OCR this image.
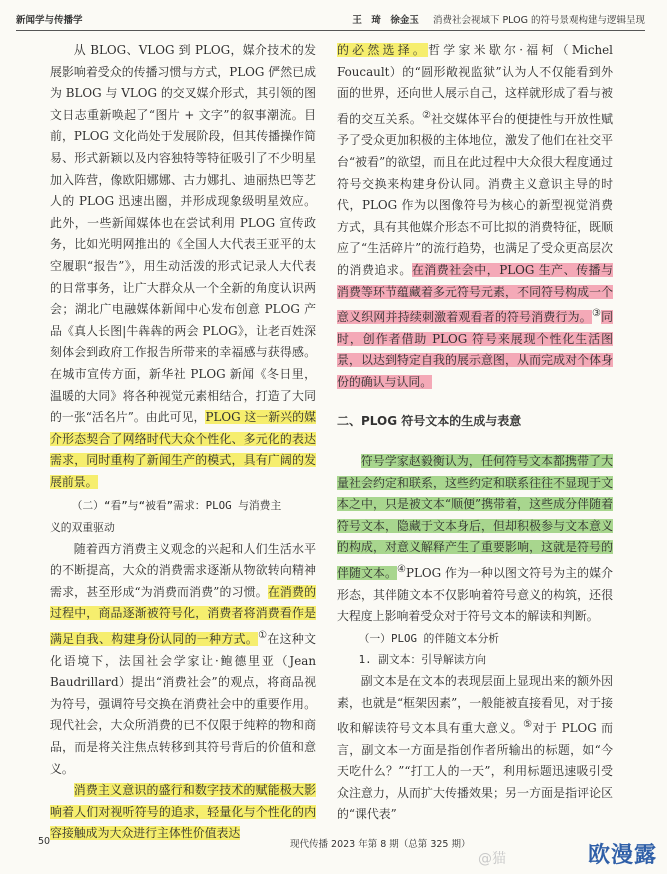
新闻学与传播学	王　琦　徐金玉 消费社会视域下 PLOG 的符号景观构建与逻辑呈现

从 BLOG、VLOG 到 PLOG，媒介技术的发展影响着受众的传播习惯与方式，PLOG 俨然已成为 BLOG 与 VLOG 的交叉媒介形式，其引领的图文日志重新唤起了“图片 + 文字”的叙事潮流。目前，PLOG 文化尚处于发展阶段，但其传播操作简易、形式新颖以及内容独特等特征吸引了不少明星加入阵营，像欧阳娜娜、古力娜扎、迪丽热巴等艺人的 PLOG 迅速出圈，并形成现象级明星效应。此外，一些新闻媒体也在尝试利用 PLOG 宣传政务，比如光明网推出的《全国人大代表王亚平的太空履职“报告”》，用生动活泼的形式记录人大代表的日常事务，让广大群众从一个全新的角度认识两会；湖北广电融媒体新闻中心发布创意 PLOG 产品《真人长图|牛犇犇的两会 PLOG》，让老百姓深刻体会到政府工作报告所带来的幸福感与获得感。在城市宣传方面，新华社 PLOG 新闻《冬日里，温暖的大同》将各种视觉元素相结合，打造了大同的一张“活名片”。由此可见，PLOG 这一新兴的媒介形态契合了网络时代大众个性化、多元化的表达需求，同时重构了新闻生产的模式，具有广阔的发展前景。

（二）“看”与“被看”需求：PLOG 与消费主

义的双重驱动

随着西方消费主义观念的兴起和人们生活水平的不断提高，大众的消费需求逐渐从物欲转向精神需求，甚至形成“为消费而消费”的习惯。在消费的过程中，商品逐渐被符号化，消费者将消费看作是满足自我、构建身份认同的一种方式。①在这种文化语境下，法国社会学家让·鲍德里亚（Jean Baudrillard）提出“消费社会”的观点，将商品视为符号，强调符号交换在消费社会中的重要作用。现代社会，大众所消费的已不仅限于纯粹的物和商品，而是将关注焦点转移到其符号背后的价值和意义。

消费主义意识的盛行和数字技术的赋能极大影响着人们对视听符号的追求，轻量化与个性化的内容接触成为大众进行主体性价值表达

的必然选择。哲学家米歇尔·福柯（Michel Foucault）的“圆形敞视监狱”认为人不仅能看到外面的世界，还向世人展示自己，这样就形成了看与被看的交互关系。②社交媒体平台的便捷性与开放性赋予了受众更加积极的主体地位，激发了他们在社交平台“被看”的欲望，而且在此过程中大众很大程度通过符号交换来构建身份认同。消费主义意识主导的时代，PLOG 作为以图像符号为核心的新型视觉消费方式，具有其他媒介形态不可比拟的消费特征，既顺应了“生活碎片”的流行趋势，也满足了受众更高层次的消费追求。在消费社会中，PLOG 生产、传播与消费等环节蕴藏着多元符号元素，不同符号构成一个意义织网并持续刺激着观看者的符号消费行为。③同时，创作者借助 PLOG 符号来展现个性化生活图景，以达到特定自我的展示意图，从而完成对个体身份的确认与认同。

二、PLOG 符号文本的生成与表意

符号学家赵毅衡认为，任何符号文本都携带了大量社会约定和联系，这些约定和联系往往不显现于文本之中，只是被文本“顺便”携带着，这些成分伴随着符号文本，隐藏于文本身后，但却积极参与文本意义的构成，对意义解释产生了重要影响，这就是符号的伴随文本。④PLOG 作为一种以图文符号为主的媒介形态，其伴随文本不仅影响着符号意义的构筑，还很大程度上影响着受众对于符号文本的解读和判断。

（一）PLOG 的伴随文本分析

1. 副文本：引导解读方向

副文本是在文本的表现层面上显现出来的额外因素，也就是“框架因素”，一般能被直接看见，对于接收和解读符号文本具有重大意义。⑤对于 PLOG 而言，副文本一方面是指创作者所输出的标题，如“今天吃什么？”“打工人的一天”，利用标题迅速吸引受众注意力，从而扩大传播效果；另一方面是指评论区的“课代表”

50	现代传播 2023 年第 8 期（总第 325 期）
@猫	欧漫露
